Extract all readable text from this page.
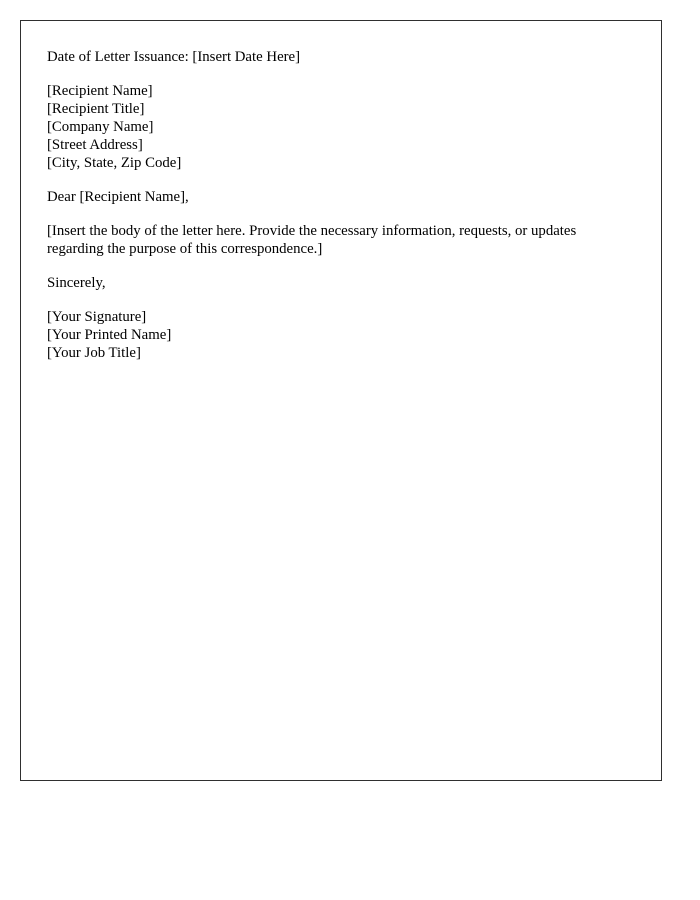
Date of Letter Issuance: [Insert Date Here]

[Recipient Name]
[Recipient Title]
[Company Name]
[Street Address]
[City, State, Zip Code]

Dear [Recipient Name],

[Insert the body of the letter here. Provide the necessary information, requests, or updates regarding the purpose of this correspondence.]

Sincerely,

[Your Signature]
[Your Printed Name]
[Your Job Title]
